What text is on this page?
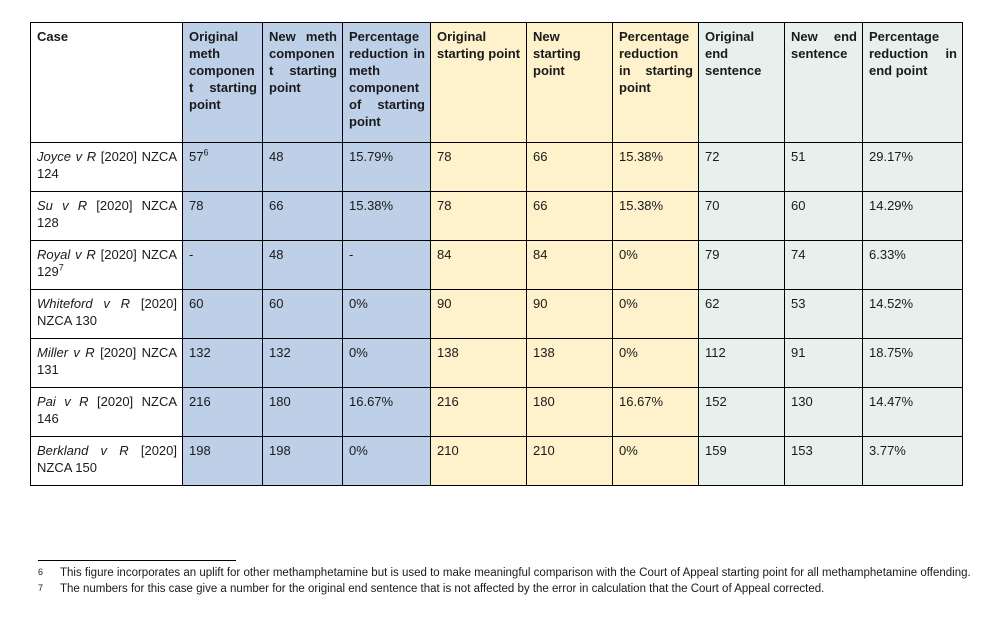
Case	Original meth component starting point	New meth component starting point	Percentage reduction in meth component of starting point	Original starting point	New starting point	Percentage reduction in starting point	Original end sentence	New end sentence	Percentage reduction in end point
Joyce v R [2020] NZCA 124	$57^6$	48	15.79%	78	66	15.38%	72	51	29.17%
Su v R [2020] NZCA 128	78	66	15.38%	78	66	15.38%	70	60	14.29%
Royal v R [2020] NZCA $129^7$	-	48	-	84	84	0%	79	74	6.33%
Whiteford v R [2020] NZCA 130	60	60	0%	90	90	0%	62	53	14.52%
Miller v R [2020] NZCA 131	132	132	0%	138	138	0%	112	91	18.75%
Pai v R [2020] NZCA 146	216	180	16.67%	216	180	16.67%	152	130	14.47%
Berkland v R [2020] NZCA 150	198	198	0%	210	210	0%	159	153	3.77%
6	This figure incorporates an uplift for other methamphetamine but is used to make meaningful comparison with the Court of Appeal starting point for all methamphetamine offending.
7	The numbers for this case give a number for the original end sentence that is not affected by the error in calculation that the Court of Appeal corrected.
